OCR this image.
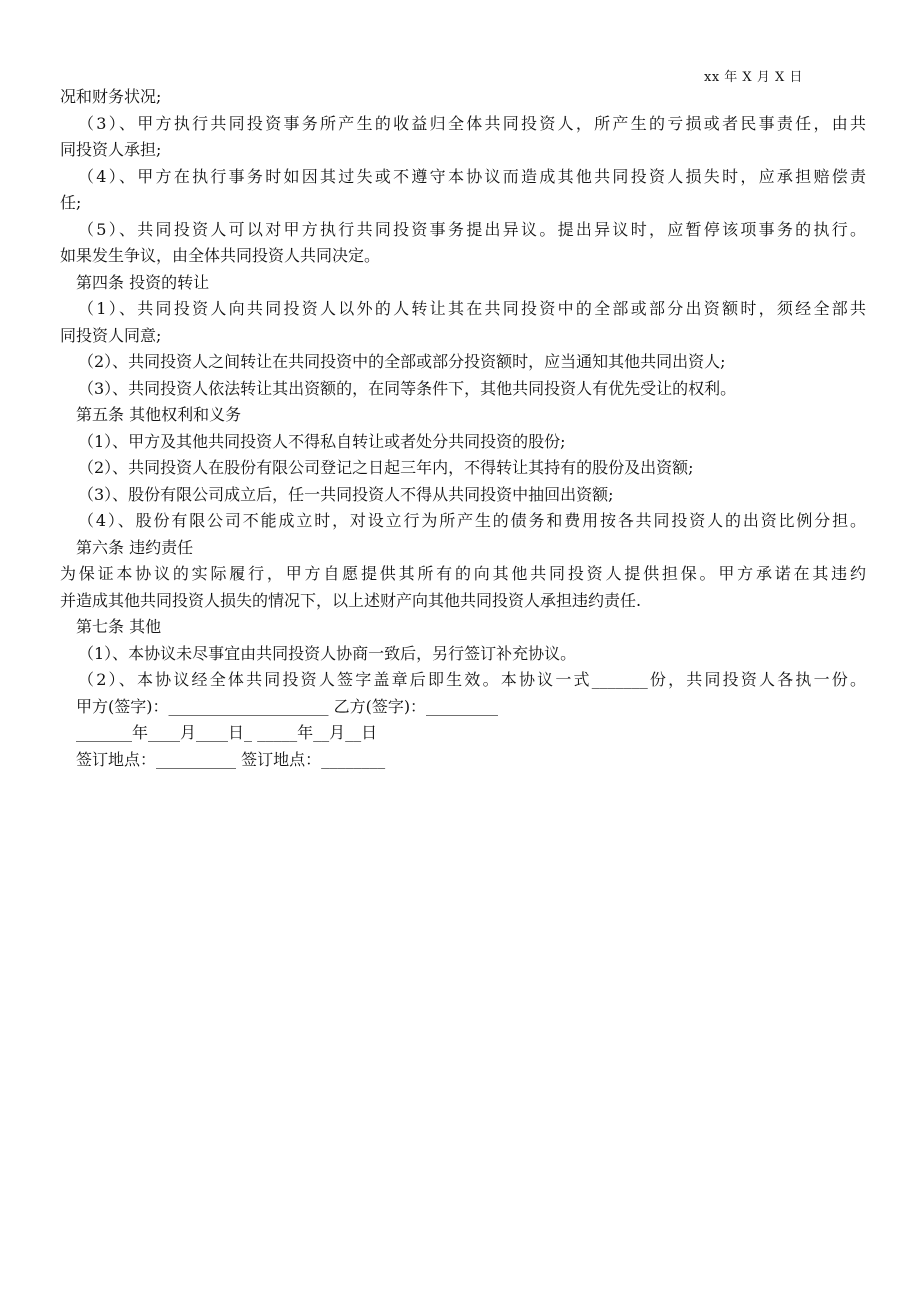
xx 年 X 月 X 日
况和财务状况;
（3）、甲方执行共同投资事务所产生的收益归全体共同投资人，所产生的亏损或者民事责任，由共
同投资人承担;
（4）、甲方在执行事务时如因其过失或不遵守本协议而造成其他共同投资人损失时，应承担赔偿责
任;
（5）、共同投资人可以对甲方执行共同投资事务提出异议。提出异议时，应暂停该项事务的执行。
如果发生争议，由全体共同投资人共同决定。
第四条 投资的转让
（1）、共同投资人向共同投资人以外的人转让其在共同投资中的全部或部分出资额时，须经全部共
同投资人同意;
（2）、共同投资人之间转让在共同投资中的全部或部分投资额时，应当通知其他共同出资人;
（3）、共同投资人依法转让其出资额的，在同等条件下，其他共同投资人有优先受让的权利。
第五条 其他权利和义务
（1）、甲方及其他共同投资人不得私自转让或者处分共同投资的股份;
（2）、共同投资人在股份有限公司登记之日起三年内，不得转让其持有的股份及出资额;
（3）、股份有限公司成立后，任一共同投资人不得从共同投资中抽回出资额;
（4）、股份有限公司不能成立时，对设立行为所产生的债务和费用按各共同投资人的出资比例分担。
第六条 违约责任
为保证本协议的实际履行，甲方自愿提供其所有的向其他共同投资人提供担保。甲方承诺在其违约
并造成其他共同投资人损失的情况下，以上述财产向其他共同投资人承担违约责任.
第七条 其他
（1）、本协议未尽事宜由共同投资人协商一致后，另行签订补充协议。
（2）、本协议经全体共同投资人签字盖章后即生效。本协议一式_______份，共同投资人各执一份。
甲方(签字)：____________________ 乙方(签字)：_________
_______年____月____日_ _____年__月__日
签订地点：__________ 签订地点：________
